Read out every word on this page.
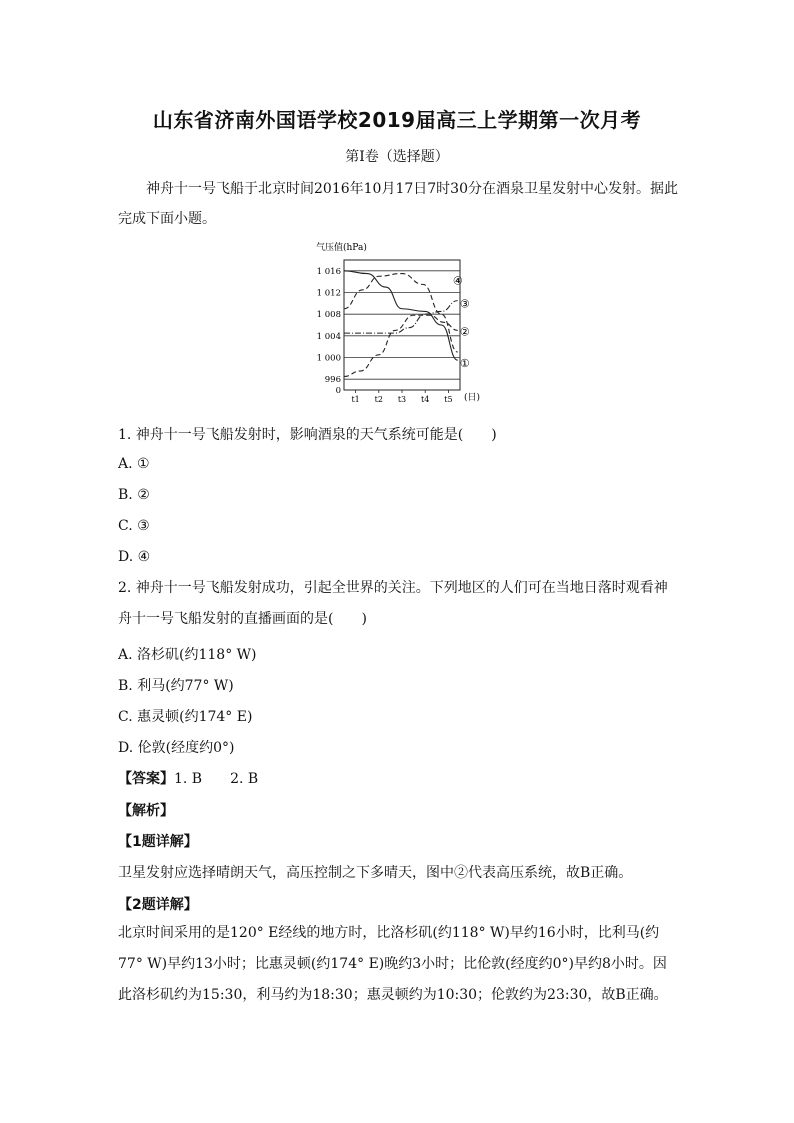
山东省济南外国语学校2019届高三上学期第一次月考
第Ⅰ卷（选择题）
神舟十一号飞船于北京时间2016年10月17日7时30分在酒泉卫星发射中心发射。据此完成下面小题。
气压值(hPa)
(日)
0
996
1 000
1 004
1 008
1 012
1 016
t1 t2 t3 t4 t5
①
②
③
④
1. 神舟十一号飞船发射时，影响酒泉的天气系统可能是(　　)
A. ①
B. ②
C. ③
D. ④
2. 神舟十一号飞船发射成功，引起全世界的关注。下列地区的人们可在当地日落时观看神舟十一号飞船发射的直播画面的是(　　)
A. 洛杉矶(约118° W)
B. 利马(约77° W)
C. 惠灵顿(约174° E)
D. 伦敦(经度约0°)
【答案】1. B　　2. B
【解析】
【1题详解】
卫星发射应选择晴朗天气，高压控制之下多晴天，图中②代表高压系统，故B正确。
【2题详解】
北京时间采用的是120° E经线的地方时，比洛杉矶(约118° W)早约16小时，比利马(约77° W)早约13小时；比惠灵顿(约174° E)晚约3小时；比伦敦(经度约0°)早约8小时。因此洛杉矶约为15:30，利马约为18:30；惠灵顿约为10:30；伦敦约为23:30，故B正确。
